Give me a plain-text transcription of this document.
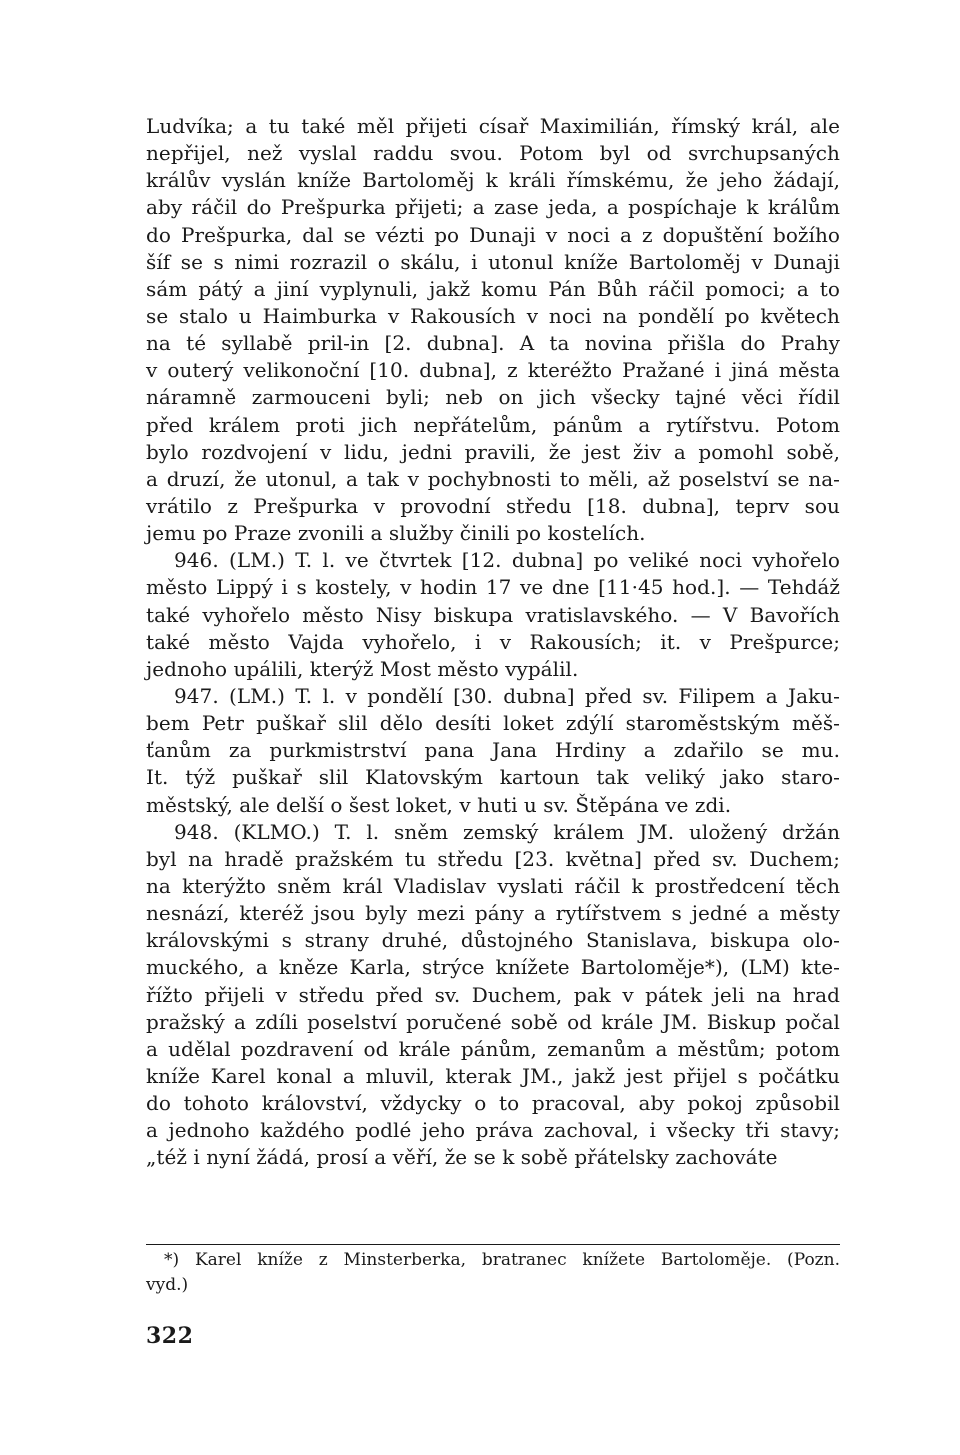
Ludvíka; a tu také měl přijeti císař Maximilián, římský král, ale
nepřijel, než vyslal raddu svou. Potom byl od svrchupsaných
králův vyslán kníže Bartoloměj k králi římskému, že jeho žádají,
aby ráčil do Prešpurka přijeti; a zase jeda, a pospíchaje k králům
do Prešpurka, dal se vézti po Dunaji v noci a z dopuštění božího
šíf se s nimi rozrazil o skálu, i utonul kníže Bartoloměj v Dunaji
sám pátý a jiní vyplynuli, jakž komu Pán Bůh ráčil pomoci; a to
se stalo u Haimburka v Rakousích v noci na pondělí po květech
na té syllabě pril-in [2. dubna]. A ta novina přišla do Prahy
v outerý velikonoční [10. dubna], z kteréžto Pražané i jiná města
náramně zarmouceni byli; neb on jich všecky tajné věci řídil
před králem proti jich nepřátelům, pánům a rytířstvu. Potom
bylo rozdvojení v lidu, jedni pravili, že jest živ a pomohl sobě,
a druzí, že utonul, a tak v pochybnosti to měli, až poselství se na-
vrátilo z Prešpurka v provodní středu [18. dubna], teprv sou
jemu po Praze zvonili a služby činili po kostelích.
946. (LM.) T. l. ve čtvrtek [12. dubna] po veliké noci vyhořelo
město Lippý i s kostely, v hodin 17 ve dne [11·45 hod.]. — Tehdáž
také vyhořelo město Nisy biskupa vratislavského. — V Bavořích
také město Vajda vyhořelo, i v Rakousích; it. v Prešpurce;
jednoho upálili, kterýž Most město vypálil.
947. (LM.) T. l. v pondělí [30. dubna] před sv. Filipem a Jaku-
bem Petr puškař slil dělo desíti loket zdýlí staroměstským měš-
ťanům za purkmistrství pana Jana Hrdiny a zdařilo se mu.
It. týž puškař slil Klatovským kartoun tak veliký jako staro-
městský, ale delší o šest loket, v huti u sv. Štěpána ve zdi.
948. (KLMO.) T. l. sněm zemský králem JM. uložený držán
byl na hradě pražském tu středu [23. května] před sv. Duchem;
na kterýžto sněm král Vladislav vyslati ráčil k prostředcení těch
nesnází, kteréž jsou byly mezi pány a rytířstvem s jedné a městy
královskými s strany druhé, důstojného Stanislava, biskupa olo-
muckého, a kněze Karla, strýce knížete Bartoloměje*), (LM) kte-
řížto přijeli v středu před sv. Duchem, pak v pátek jeli na hrad
pražský a zdíli poselství poručené sobě od krále JM. Biskup počal
a udělal pozdravení od krále pánům, zemanům a městům; potom
kníže Karel konal a mluvil, kterak JM., jakž jest přijel s počátku
do tohoto království, vždycky o to pracoval, aby pokoj způsobil
a jednoho každého podlé jeho práva zachoval, i všecky tři stavy;
„též i nyní žádá, prosí a věří, že se k sobě přátelsky zachováte
*) Karel kníže z Minsterberka, bratranec knížete Bartoloměje. (Pozn.
vyd.)
322
